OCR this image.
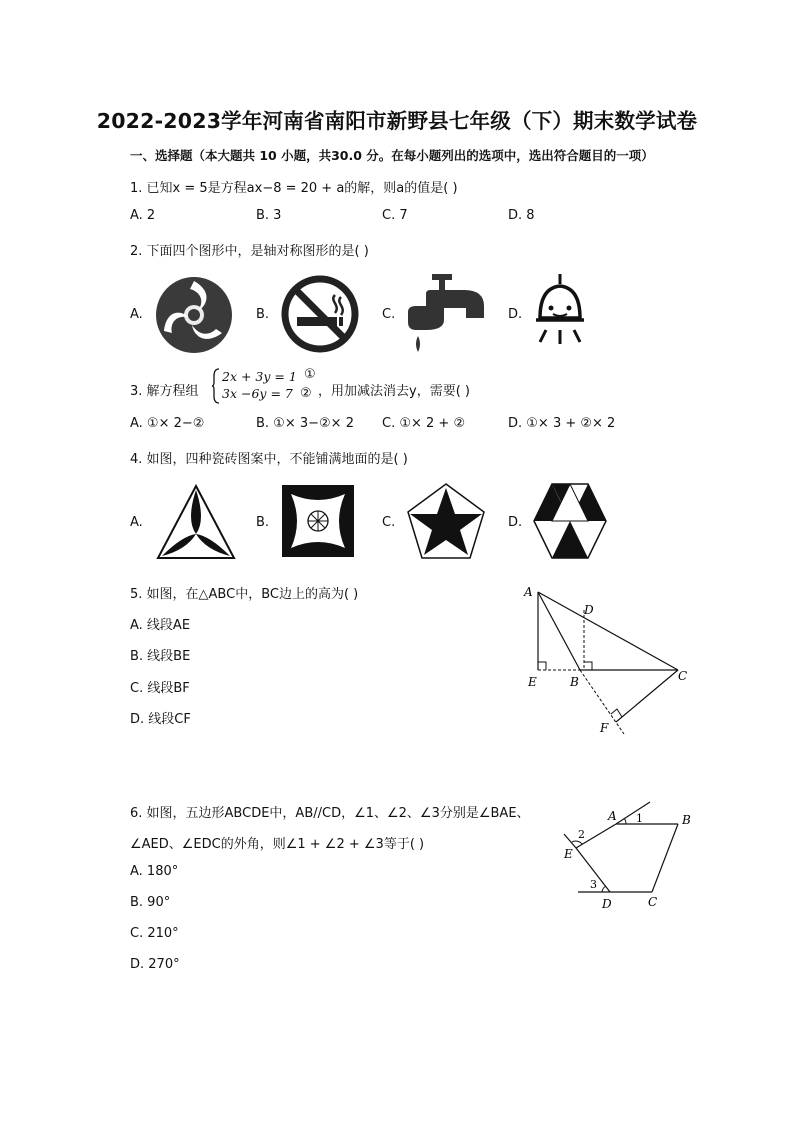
2022-2023学年河南省南阳市新野县七年级（下）期末数学试卷
一、选择题（本大题共 10 小题，共30.0 分。在每小题列出的选项中，选出符合题目的一项）
1. 已知x = 5是方程ax−8 = 20 + a的解，则a的值是( )
A. 2	B. 3	C. 7	D. 8
2. 下面四个图形中，是轴对称图形的是( )
A.	B.	C.	D.
3. 解方程组
2x + 3y = 1 ①
3x −6y = 7 ② ，用加减法消去y，需要( )
A. ①× 2−②	B. ①× 3−②× 2 C. ①× 2 + ②	D. ①× 3 + ②× 2
4. 如图，四种瓷砖图案中，不能铺满地面的是( )
A.	B.	C.	D.
5. 如图，在△ABC中，BC边上的高为( )
A. 线段AE
B. 线段BE
C. 线段BF
D. 线段CF
A
D
E	B	C
F
6. 如图，五边形ABCDE中，AB//CD，∠1、∠2、∠3分别是∠BAE、
∠AED、∠EDC的外角，则∠1 + ∠2 + ∠3等于( )
A. 180°
B. 90°
C. 210°
D. 270°
A	B
C
D
E
1
2
3
